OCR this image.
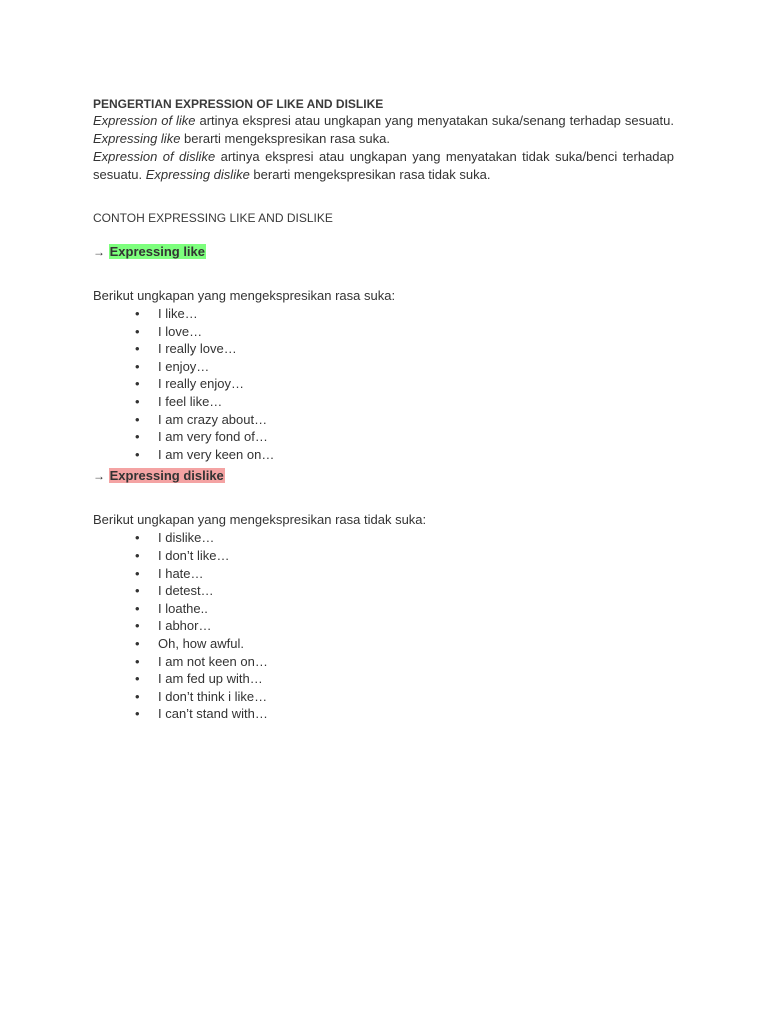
PENGERTIAN EXPRESSION OF LIKE AND DISLIKE

Expression of like artinya ekspresi atau ungkapan yang menyatakan suka/senang terhadap sesuatu. Expressing like berarti mengekspresikan rasa suka.

Expression of dislike artinya ekspresi atau ungkapan yang menyatakan tidak suka/benci terhadap sesuatu. Expressing dislike berarti mengekspresikan rasa tidak suka.

CONTOH EXPRESSING LIKE AND DISLIKE
→ Expressing like

Berikut ungkapan yang mengekspresikan rasa suka:

• I like…
• I love…
• I really love…
• I enjoy…
• I really enjoy…
• I feel like…
• I am crazy about…
• I am very fond of…
• I am very keen on…
→ Expressing dislike

Berikut ungkapan yang mengekspresikan rasa tidak suka:

• I dislike…
• I don’t like…
• I hate…
• I detest…
• I loathe..
• I abhor…
• Oh, how awful.
• I am not keen on…
• I am fed up with…
• I don’t think i like…
• I can’t stand with…
